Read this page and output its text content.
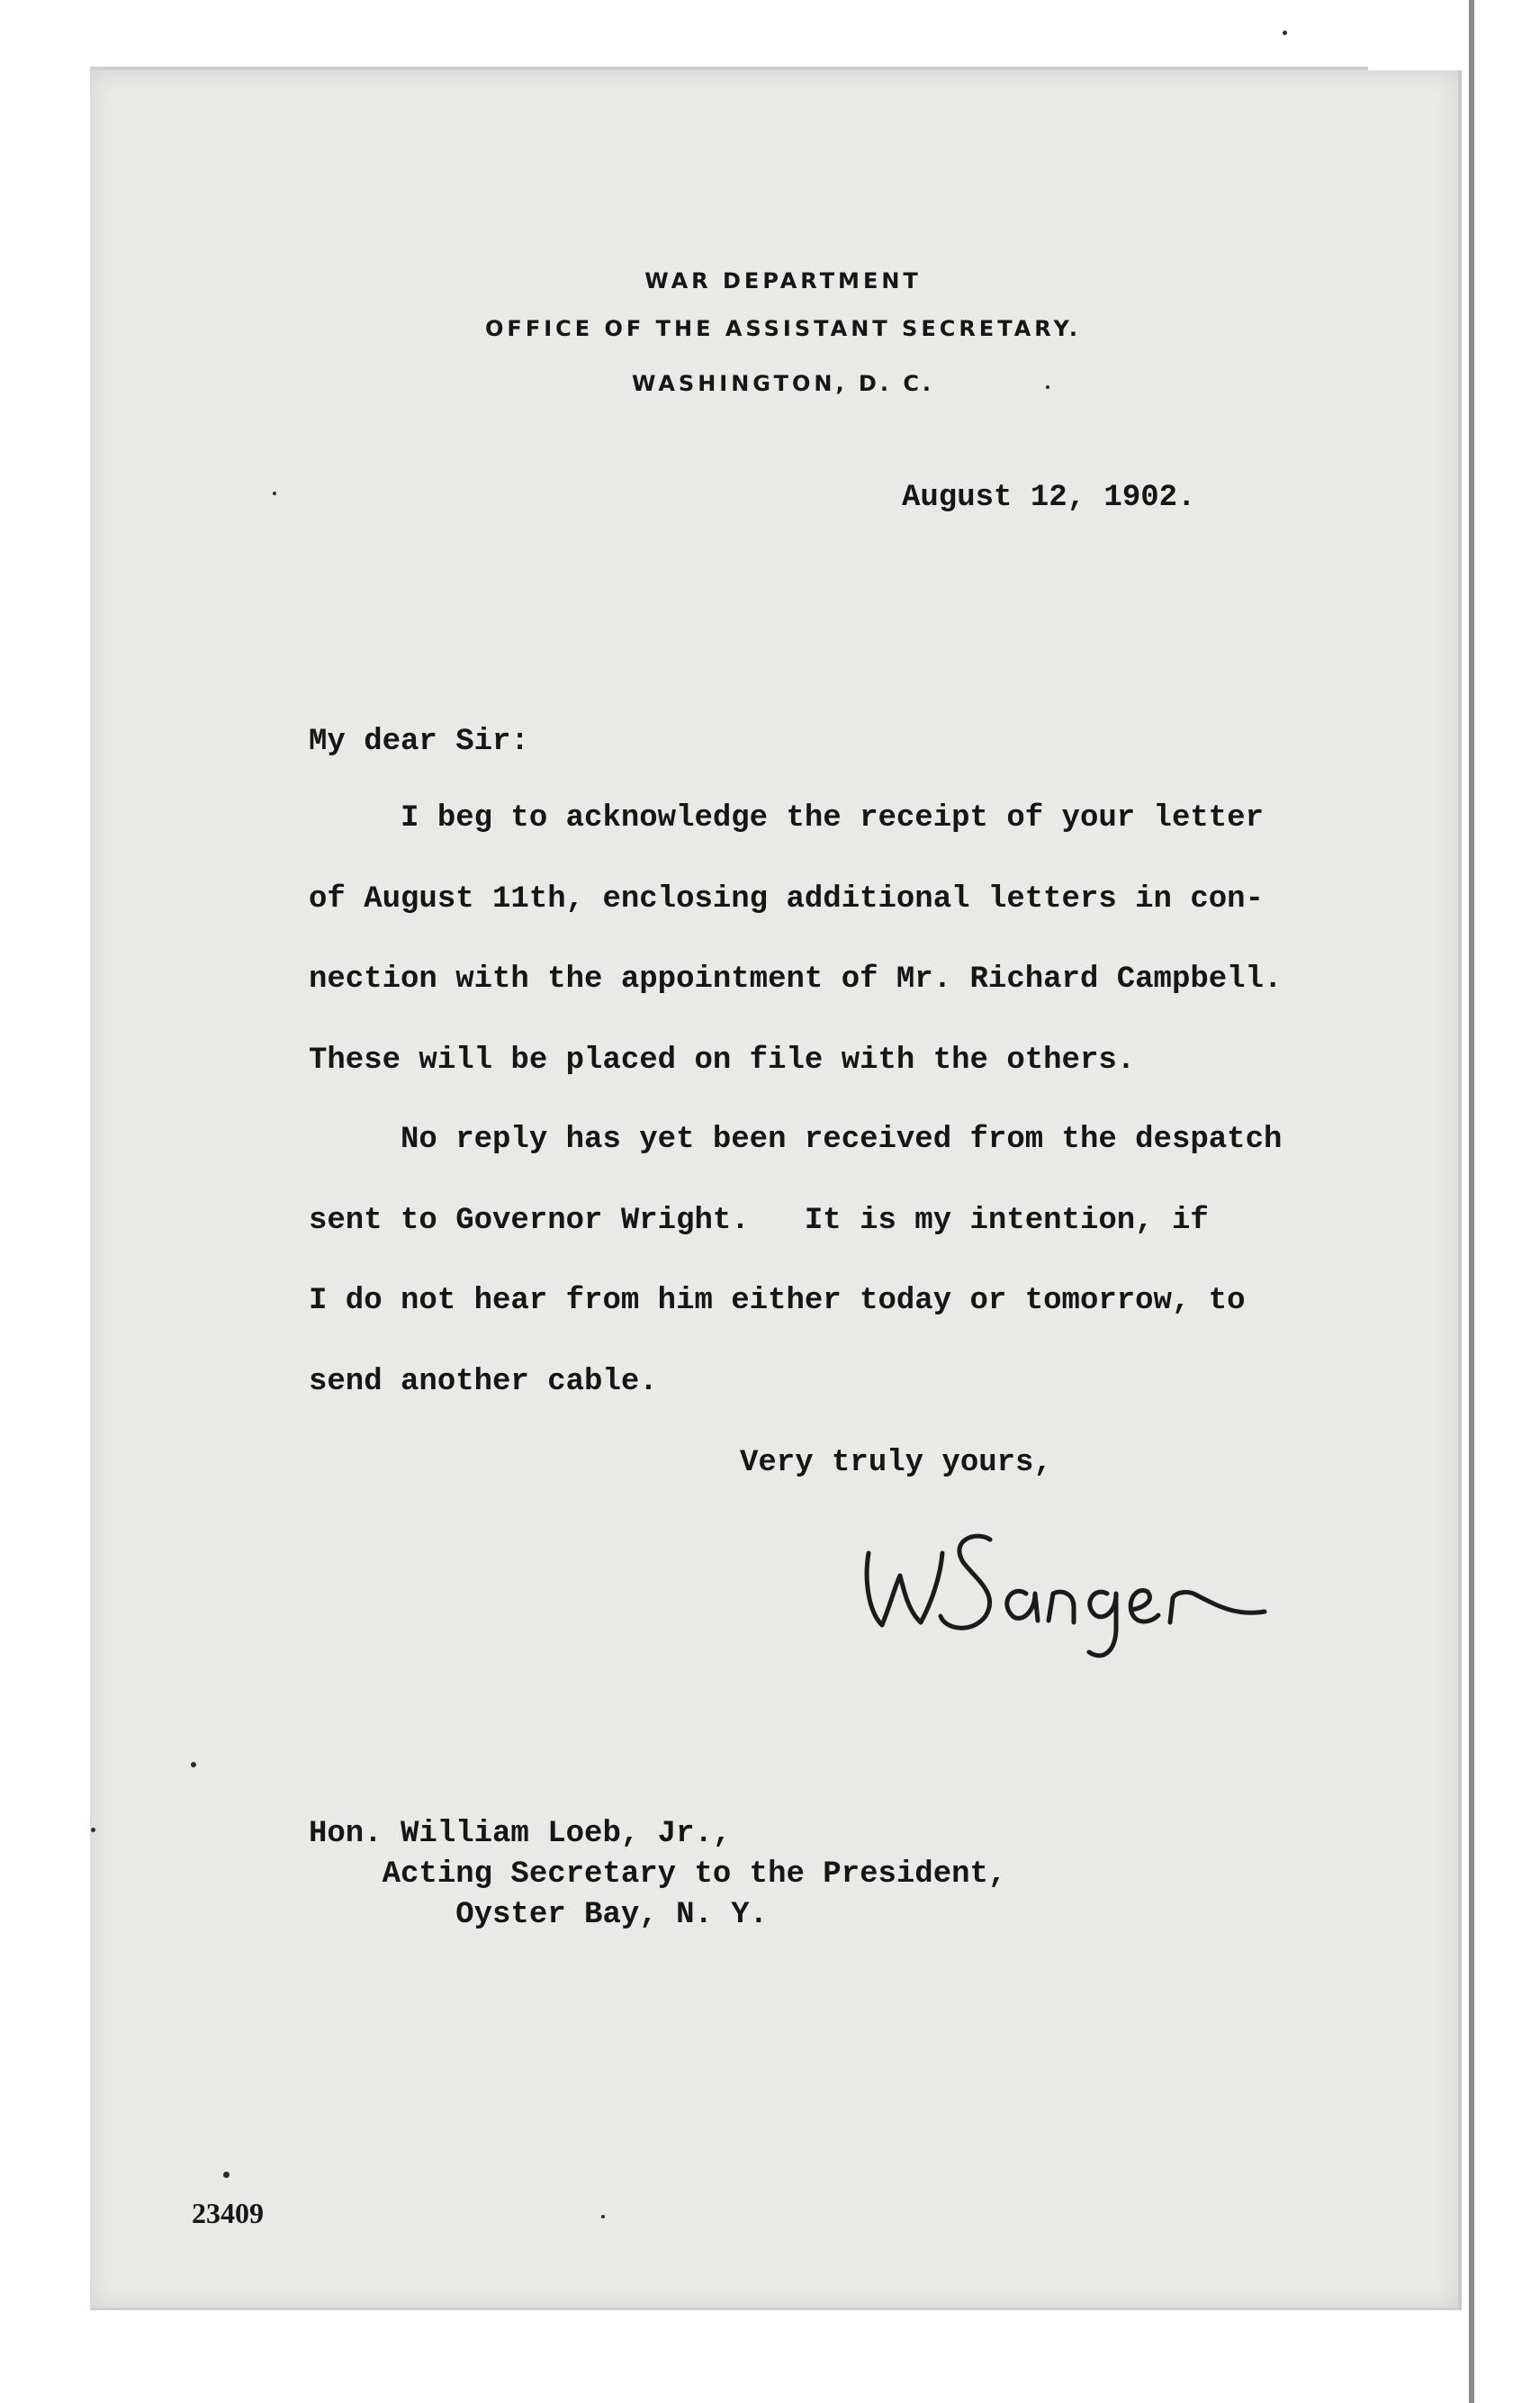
WAR DEPARTMENT

OFFICE OF THE ASSISTANT SECRETARY.

WASHINGTON, D. C.

August 12, 1902.

My dear Sir:

I beg to acknowledge the receipt of your letter
of August 11th, enclosing additional letters in con-
nection with the appointment of Mr. Richard Campbell.
These will be placed on file with the others.

No reply has yet been received from the despatch
sent to Governor Wright.   It is my intention, if
I do not hear from him either today or tomorrow, to
send another cable.

Very truly yours,

Hon. William Loeb, Jr.,
Acting Secretary to the President,
Oyster Bay, N. Y.

23409
